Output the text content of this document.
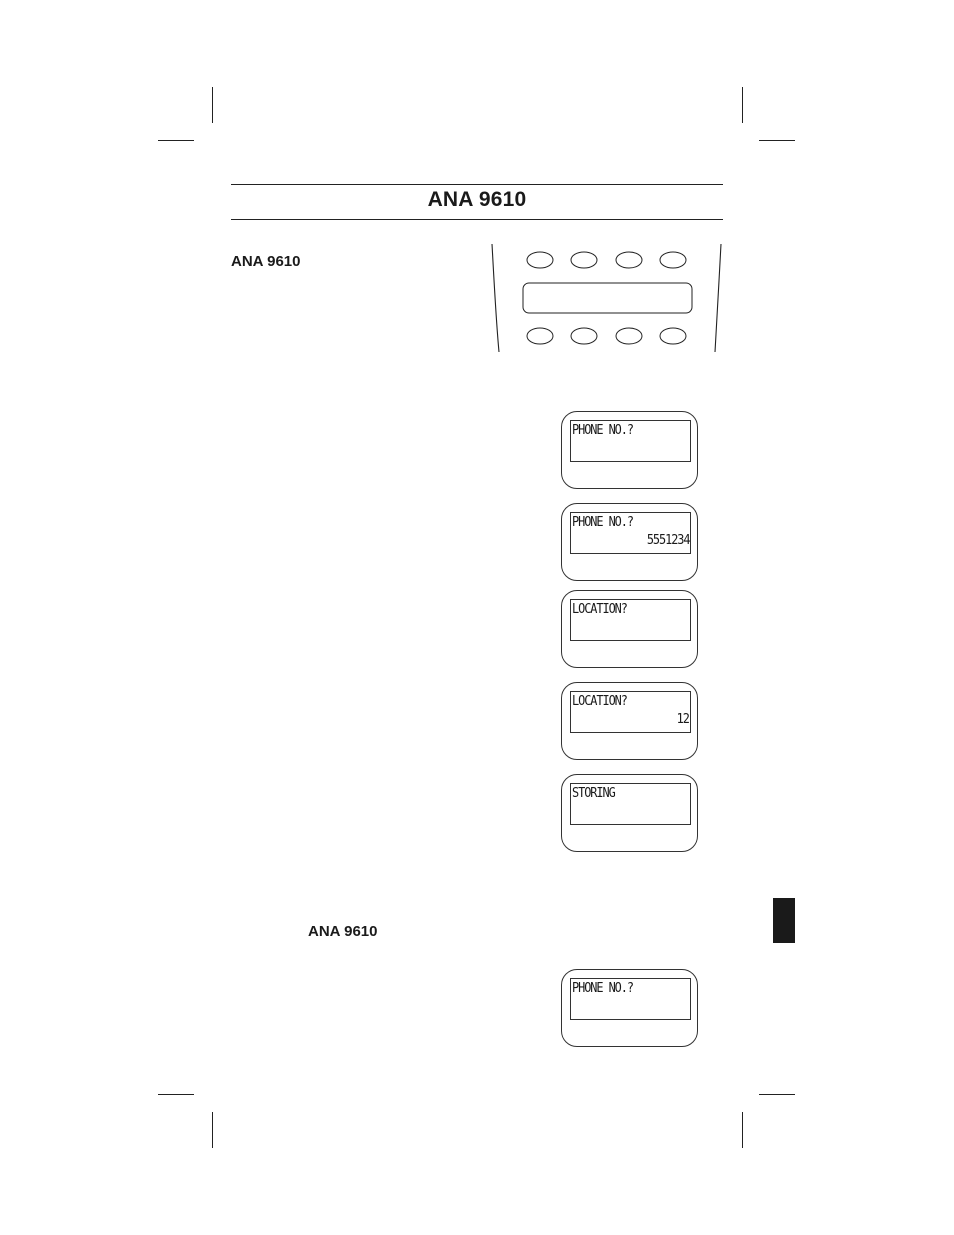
ANA 9610
ANA 9610
ANA 9610
PHONE NO.?
PHONE NO.?
5551234
LOCATION?
LOCATION?
12
STORING
PHONE NO.?
